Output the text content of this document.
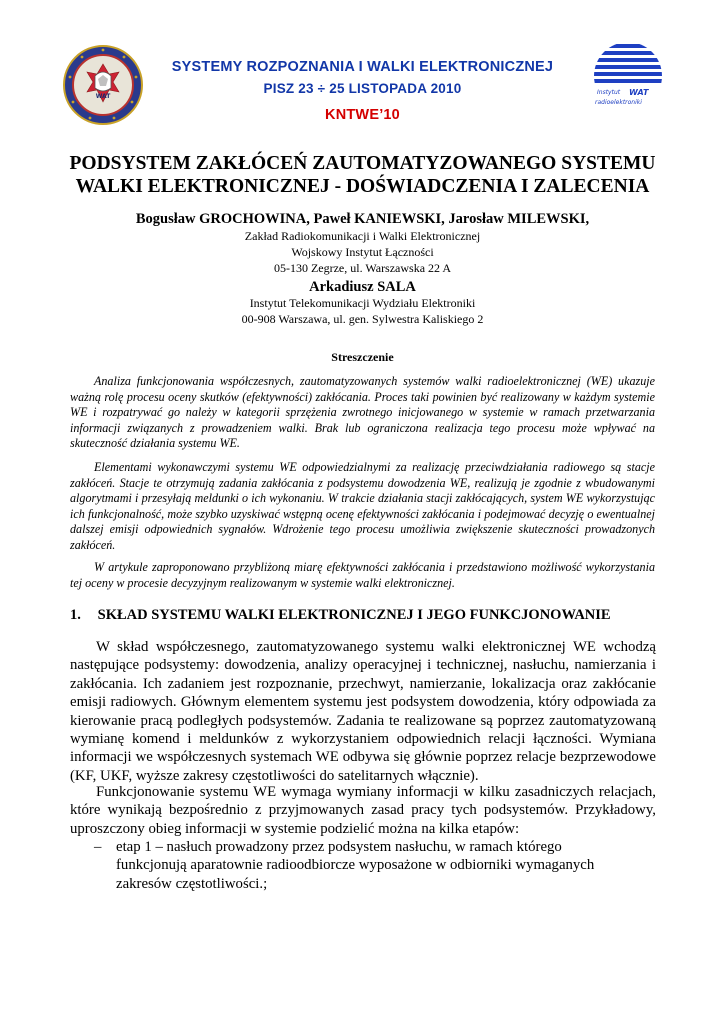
WAT
SYSTEMY ROZPOZNANIA I WALKI ELEKTRONICZNEJ
PISZ 23 ÷ 25 LISTOPADA 2010
KNTWE’10
Instytut WAT
radioelektroniki
PODSYSTEM ZAKŁÓCEŃ ZAUTOMATYZOWANEGO SYSTEMU
WALKI ELEKTRONICZNEJ - DOŚWIADCZENIA I ZALECENIA
Bogusław GROCHOWINA, Paweł KANIEWSKI, Jarosław MILEWSKI,
Zakład Radiokomunikacji i Walki Elektronicznej
Wojskowy Instytut Łączności
05-130 Zegrze, ul. Warszawska 22 A
Arkadiusz SALA
Instytut Telekomunikacji Wydziału Elektroniki
00-908 Warszawa, ul. gen. Sylwestra Kaliskiego 2
Streszczenie

Analiza funkcjonowania współczesnych, zautomatyzowanych systemów walki radioelektronicznej (WE) ukazuje ważną rolę procesu oceny skutków (efektywności) zakłócania. Proces taki powinien być realizowany w każdym systemie WE i rozpatrywać go należy w kategorii sprzężenia zwrotnego inicjowanego w systemie w ramach przetwarzania informacji związanych z prowadzeniem walki. Brak lub ograniczona realizacja tego procesu może wpływać na skuteczność działania systemu WE.

Elementami wykonawczymi systemu WE odpowiedzialnymi za realizację przeciwdziałania radiowego są stacje zakłóceń. Stacje te otrzymują zadania zakłócania z podsystemu dowodzenia WE, realizują je zgodnie z wbudowanymi algorytmami i przesyłają meldunki o ich wykonaniu. W trakcie działania stacji zakłócających, system WE wykorzystując ich funkcjonalność, może szybko uzyskiwać wstępną ocenę efektywności zakłócania i podejmować decyzję o ewentualnej dalszej emisji odpowiednich sygnałów. Wdrożenie tego procesu umożliwia zwiększenie skuteczności prowadzonych zakłóceń.

W artykule zaproponowano przybliżoną miarę efektywności zakłócania i przedstawiono możliwość wykorzystania tej oceny w procesie decyzyjnym realizowanym w systemie walki elektronicznej.

1. SKŁAD SYSTEMU WALKI ELEKTRONICZNEJ I JEGO FUNKCJONOWANIE

W skład współczesnego, zautomatyzowanego systemu walki elektronicznej WE wchodzą następujące podsystemy: dowodzenia, analizy operacyjnej i technicznej, nasłuchu, namierzania i zakłócania. Ich zadaniem jest rozpoznanie, przechwyt, namierzanie, lokalizacja oraz zakłócanie emisji radiowych. Głównym elementem systemu jest podsystem dowodzenia, który odpowiada za kierowanie pracą podległych podsystemów. Zadania te realizowane są poprzez zautomatyzowaną wymianę komend i meldunków z wykorzystaniem odpowiednich relacji łączności. Wymiana informacji we współczesnych systemach WE odbywa się głównie poprzez relacje bezprzewodowe (KF, UKF, wyższe zakresy częstotliwości do satelitarnych włącznie).

Funkcjonowanie systemu WE wymaga wymiany informacji w kilku zasadniczych relacjach, które wynikają bezpośrednio z przyjmowanych zasad pracy tych podsystemów. Przykładowy, uproszczony obieg informacji w systemie podzielić można na kilka etapów:

– etap 1 – nasłuch prowadzony przez podsystem nasłuchu, w ramach którego funkcjonują aparatownie radioodbiorcze wyposażone w odbiorniki wymaganych zakresów częstotliwości.;
